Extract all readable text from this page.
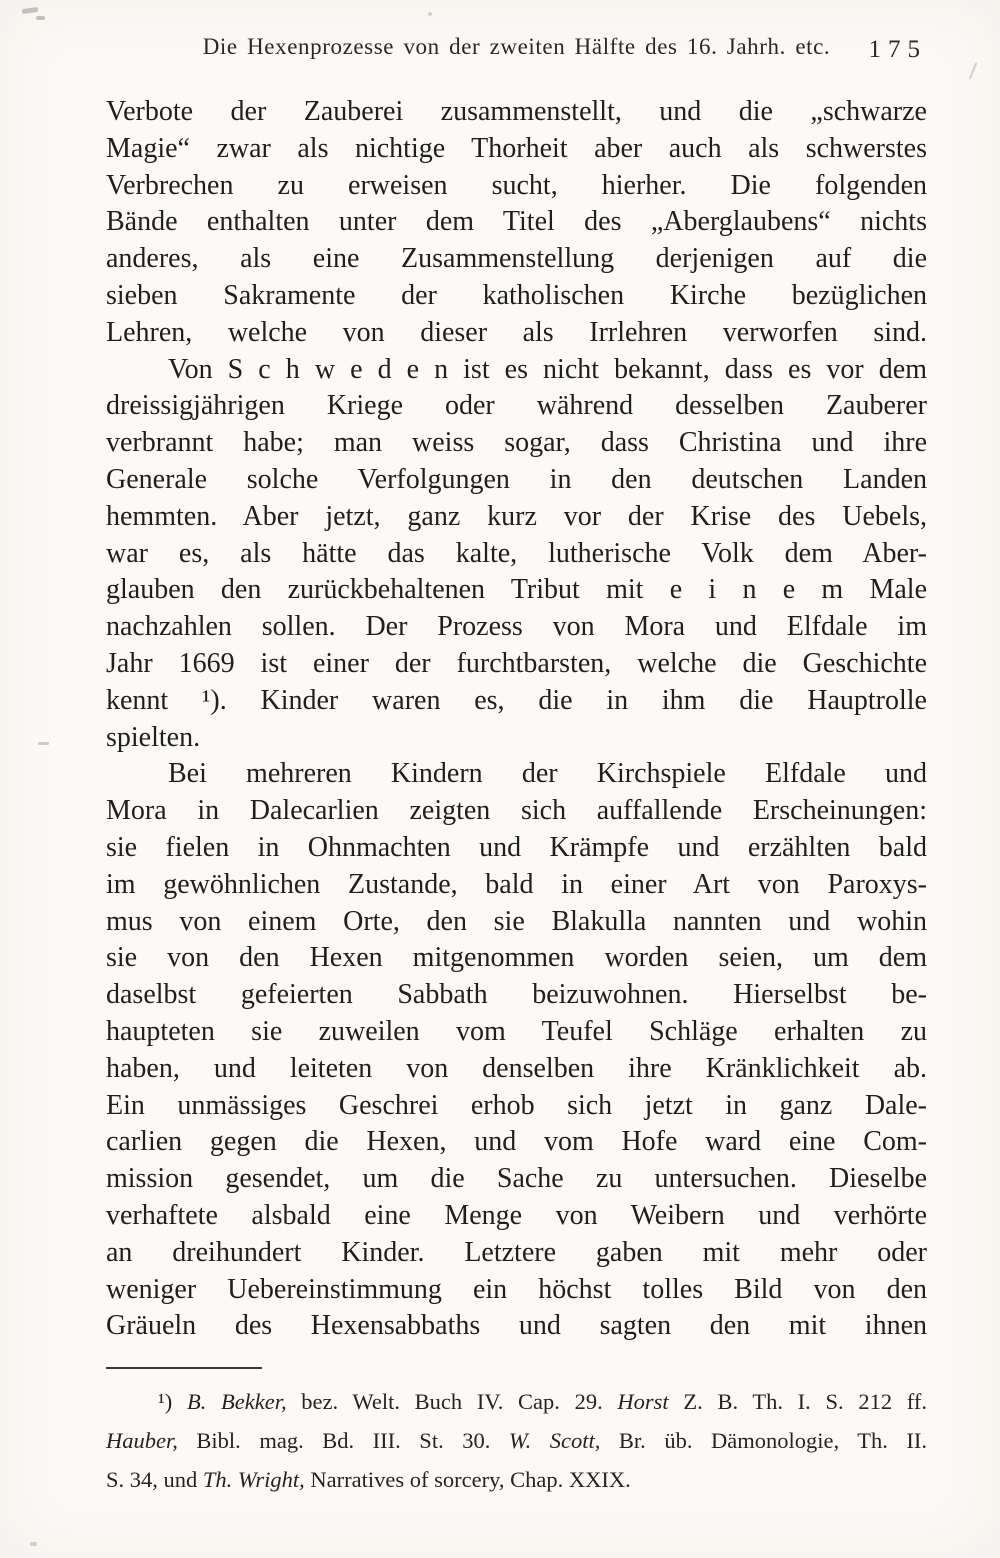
Die Hexenprozesse von der zweiten Hälfte des 16. Jahrh. etc.	175
Verbote der Zauberei zusammenstellt, und die „schwarze
Magie“ zwar als nichtige Thorheit aber auch als schwerstes
Verbrechen zu erweisen sucht, hierher. Die folgenden
Bände enthalten unter dem Titel des „Aberglaubens“ nichts
anderes, als eine Zusammenstellung derjenigen auf die
sieben Sakramente der katholischen Kirche bezüglichen
Lehren, welche von dieser als Irrlehren verworfen sind.
Von S c h w e d e n ist es nicht bekannt, dass es vor dem
dreissigjährigen Kriege oder während desselben Zauberer
verbrannt habe; man weiss sogar, dass Christina und ihre
Generale solche Verfolgungen in den deutschen Landen
hemmten. Aber jetzt, ganz kurz vor der Krise des Uebels,
war es, als hätte das kalte, lutherische Volk dem Aber-
glauben den zurückbehaltenen Tribut mit e i n e m Male
nachzahlen sollen. Der Prozess von Mora und Elfdale im
Jahr 1669 ist einer der furchtbarsten, welche die Geschichte
kennt ¹). Kinder waren es, die in ihm die Hauptrolle
spielten.
Bei mehreren Kindern der Kirchspiele Elfdale und
Mora in Dalecarlien zeigten sich auffallende Erscheinungen:
sie fielen in Ohnmachten und Krämpfe und erzählten bald
im gewöhnlichen Zustande, bald in einer Art von Paroxys-
mus von einem Orte, den sie Blakulla nannten und wohin
sie von den Hexen mitgenommen worden seien, um dem
daselbst gefeierten Sabbath beizuwohnen. Hierselbst be-
haupteten sie zuweilen vom Teufel Schläge erhalten zu
haben, und leiteten von denselben ihre Kränklichkeit ab.
Ein unmässiges Geschrei erhob sich jetzt in ganz Dale-
carlien gegen die Hexen, und vom Hofe ward eine Com-
mission gesendet, um die Sache zu untersuchen. Dieselbe
verhaftete alsbald eine Menge von Weibern und verhörte
an dreihundert Kinder. Letztere gaben mit mehr oder
weniger Uebereinstimmung ein höchst tolles Bild von den
Gräueln des Hexensabbaths und sagten den mit ihnen
¹) B. Bekker, bez. Welt. Buch IV. Cap. 29. Horst Z. B. Th. I. S. 212 ff.
Hauber, Bibl. mag. Bd. III. St. 30. W. Scott, Br. üb. Dämonologie, Th. II.
S. 34, und Th. Wright, Narratives of sorcery, Chap. XXIX.
